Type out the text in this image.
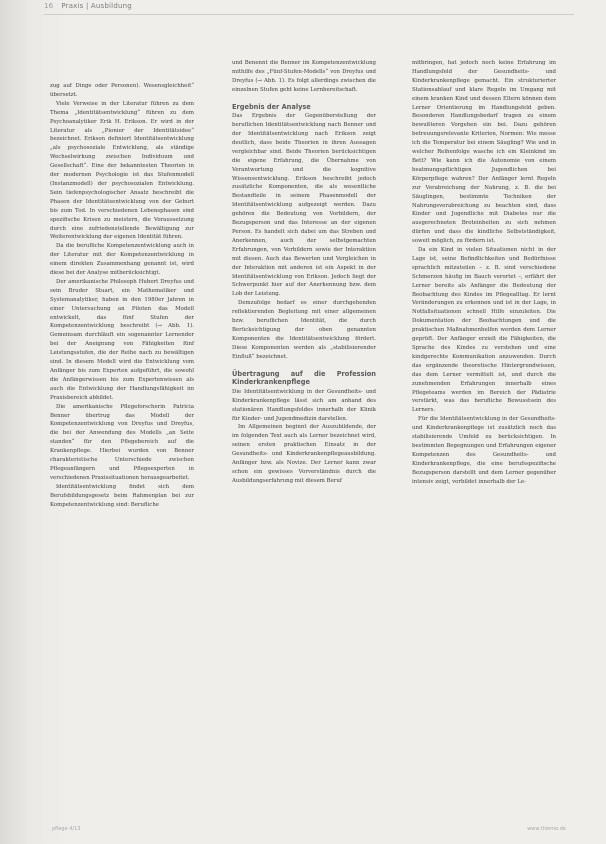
16 Praxis | Ausbildung

zug auf Dinge oder Personen). Wesensgleichheit“ übersetzt.

Viele Verweise in der Literatur führen zu dem Thema „Identitätsentwicklung“ führen zu dem Psychoanalytiker Erik H. Erikson. Er wird in der Literatur als „Pionier der Identitätsidee“ bezeichnet. Erikson definiert Identitätsentwicklung „als psychosoziale Entwicklung, als ständige Wechselwirkung zwischen Individuum und Gesellschaft“. Eine der bekanntesten Theorien in der modernen Psychologie ist das Stufenmodell (Instanzmodell) der psychosozialen Entwicklung. Sein tiefenpsychologischer Ansatz beschreibt die Phasen der Identitätsentwicklung von der Geburt bis zum Tod. In verschiedenen Lebensphasen sind spezifische Krisen zu meistern, die Voraussetzung durch eine zufriedenstellende Bewältigung zur Weiterentwicklung der eigenen Identität führen.

Da die berufliche Kompetenzentwicklung auch in der Literatur mit der Kompetenzentwicklung in einem direkten Zusammenhang genannt ist, wird diese bei der Analyse mitberücksichtigt.

Der amerikanische Philosoph Hubert Dreyfus und sein Bruder Stuart, ein Mathematiker und Systemanalytiker, haben in den 1980er Jahren in einer Untersuchung an Piloten das Modell entwickelt, das fünf Stufen der Kompetenzentwicklung beschreibt (→ Abb. 1). Gemeinsam durchläuft ein sogenannter Lernender bei der Aneignung von Fähigkeiten fünf Leistungsstufen, die der Reihe nach zu bewältigen sind. In diesem Modell wird die Entwicklung vom Anfänger bis zum Experten aufgeführt, die sowohl die Anfängerwissen bis zum Expertenwissen als auch die Entwicklung der Handlungsfähigkeit im Praxisbereich abbildet.

Die amerikanische Pflegeforscherin Patricia Benner übertrug das Modell der Kompetenzentwicklung von Dreyfus und Dreyfus, die bei der Anwendung des Modells „an Seite standen“ für den Pflegebereich auf die Krankenpflege. Hierbei wurden von Benner charakteristische Unterschiede zwischen Pflegeanfängern und Pflegeexperten in verschiedenen Praxissituationen herausgearbeitet.

Identitätsentwicklung findet sich dem Berufsbildungsgesetz beim Rahmenplan bei zur Kompetenzentwicklung sind: Berufliche

und Benennt die Benner im Kompetenzentwicklung mithilfe des „Fünf-Stufen-Modells“ von Dreyfus und Dreyfus (→ Abb. 1). Es folgt allerdings zwischen die einzelnen Stufen geht keine Lernbereitschaft.

Ergebnis der Analyse

Das Ergebnis der Gegenüberstellung der beruflichen Identitätsentwicklung nach Benner und der Identitätsentwicklung nach Erikson zeigt deutlich, dass beide Theorien in ihren Aussagen vergleichbar sind. Beide Theorien berücksichtigen die eigene Erfahrung, die Übernahme von Verantwortung und die kognitive Wissensentwicklung. Erikson beschreibt jedoch zusätzliche Komponenten, die als wesentliche Bestandteile in seinem Phasenmodell der Identitätsentwicklung aufgezeigt werden. Dazu gehören die Bedeutung von Vorbildern, der Bezugsperson und das Interesse an der eigenen Person. Es handelt sich dabei um das Streben und Anerkennen, auch der selbstgemachten Erfahrungen, von Vorbildern sowie der Interaktion mit diesen. Auch das Bewerten und Vergleichen in der Interaktion mit anderen ist ein Aspekt in der Identitätsentwicklung von Erikson. Jedoch liegt der Schwerpunkt hier auf der Anerkennung bzw. dem Lob der Leistung.

Demzufolge bedarf es einer durchgehenden reflektierenden Begleitung mit einer allgemeinen bzw. beruflichen Identität, die durch Berücksichtigung der oben genannten Komponenten die Identitätsentwicklung fördert. Diese Komponenten werden als „stabilisierender Einfluß“ bezeichnet.

Übertragung auf die Profession Kinderkrankenpflege

Die Identitätsentwicklung in der Gesundheits- und Kinderkrankenpflege lässt sich am anhand des stationären Handlungsfeldes innerhalb der Klinik für Kinder- und Jugendmedizin darstellen.

Im Allgemeinen beginnt der Auszubildende, der im folgenden Text auch als Lerner bezeichnet wird, seinen ersten praktischen Einsatz in der Gesundheits- und Kinderkrankenpflegeausbildung. Anfänger bzw. als Novize. Der Lerner kann zwar schon ein gewisses Vorverständnis durch die Ausbildungserfahrung mit diesem Beruf

mitbringen, hat jedoch noch keine Erfahrung im Handlungsfeld der Gesundheits- und Kinderkrankenpflege gemacht. Ein strukturierter Stationsablauf und klare Regeln im Umgang mit einem kranken Kind und dessen Eltern können dem Lerner Orientierung im Handlungsfeld geben. Besonderen Handlungsbedarf tragen zu einem bewußteren Vorgehen ein bei. Dazu gehören betreuungsrelevante Kriterien, Normen: Wie messe ich die Temperatur bei einem Säugling? Wie und in welcher Reihenfolge wasche ich ein Kleinkind im Bett? Wie kann ich die Autonomie von einem beatmungspflichtigen Jugendlichen bei Körperpflege wahren? Der Anfänger lernt Regeln zur Verabreichung der Nahrung, z. B. die bei Säuglingen, bestimmte Techniken der Nahrungsverabreichung zu beachten sind, dass Kinder und Jugendliche mit Diabetes nur die ausgerechneten Broteinheiten zu sich nehmen dürfen und dass die kindliche Selbstständigkeit, soweit möglich, zu fördern ist.

Da ein Kind in vielen Situationen nicht in der Lage ist, seine Befindlichkeiten und Bedürfnisse sprachlich mitzuteilen – z. B. sind verschiedene Schmerzen häufig im Bauch verortet –, erfährt der Lerner bereits als Anfänger die Bedeutung der Beobachtung des Kindes im Pflegealltag. Er lernt Veränderungen zu erkennen und ist in der Lage, in Notfallsituationen schnell Hilfe einzuleiten. Die Dokumentation der Beobachtungen und die praktischen Maßnahmenhelfen werden dem Lerner geprüft. Der Anfänger erzielt die Fähigkeiten, die Sprache des Kindes zu verstehen und eine kindgerechte Kommunikation anzuwenden. Durch das ergänzende theoretische Hintergrundwissen, das dem Lerner vermittelt ist, und durch die zunehmenden Erfahrungen innerhalb eines Pflegeteams werden im Bereich der Pädiatrie verstärkt, was das berufliche Bewusstsein des Lerners.

Für die Identitätsentwicklung in der Gesundheits- und Kinderkrankenpflege ist zusätzlich noch das stabilisierende Umfeld zu berücksichtigen. In bestimmten Begegnungen und Erfahrungen eigener Kompetenzen des Gesundheits- und Kinderkrankenpflege, die eine berufsspezifische Bezugsperson darstellt und dem Lerner gegenüber intensiv zeigt, vorbildet innerhalb der Le-

pflege 4/13	www.thieme.de
